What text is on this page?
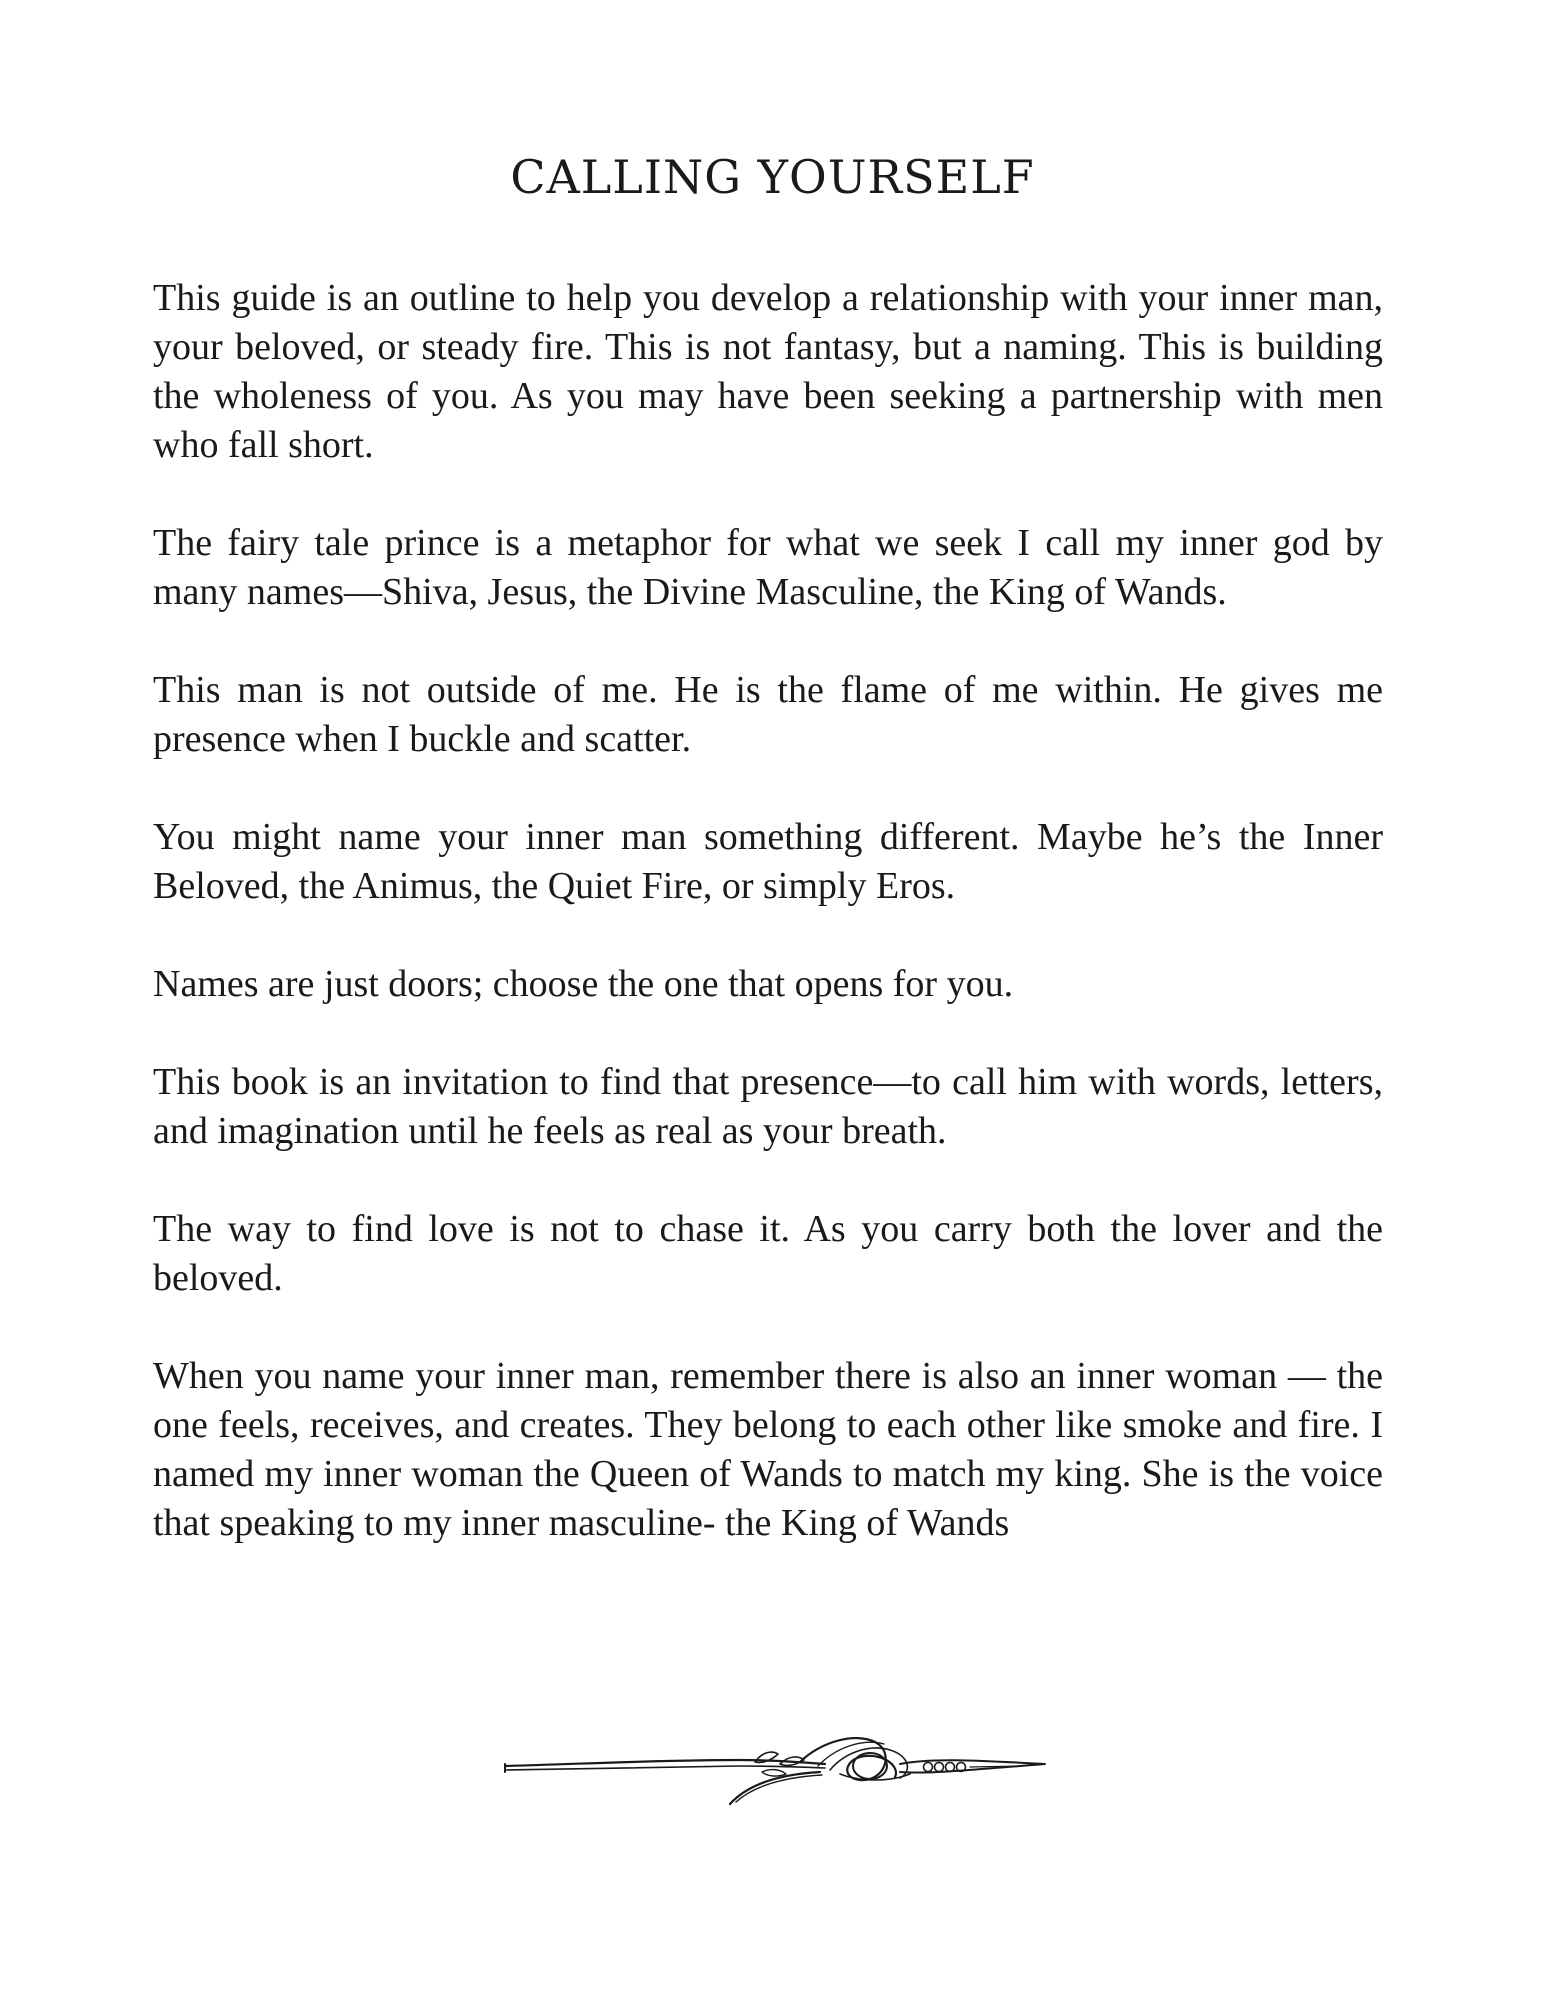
CALLING YOURSELF

This guide is an outline to help you develop a relationship with your inner man, your beloved, or steady fire. This is not fantasy, but a naming. This is building the wholeness of you. As you may have been seeking a partnership with men who fall short.

The fairy tale prince is a metaphor for what we seek I call my inner god by many names—Shiva, Jesus, the Divine Masculine, the King of Wands.

This man is not outside of me. He is the flame of me within. He gives me presence when I buckle and scatter.

You might name your inner man something different. Maybe he’s the Inner Beloved, the Animus, the Quiet Fire, or simply Eros.

Names are just doors; choose the one that opens for you.

This book is an invitation to find that presence—to call him with words, letters, and imagination until he feels as real as your breath.

The way to find love is not to chase it. As you carry both the lover and the beloved.

When you name your inner man, remember there is also an inner woman — the one feels, receives, and creates. They belong to each other like smoke and fire. I named my inner woman the Queen of Wands to match my king. She is the voice that speaking to my inner masculine- the King of Wands
